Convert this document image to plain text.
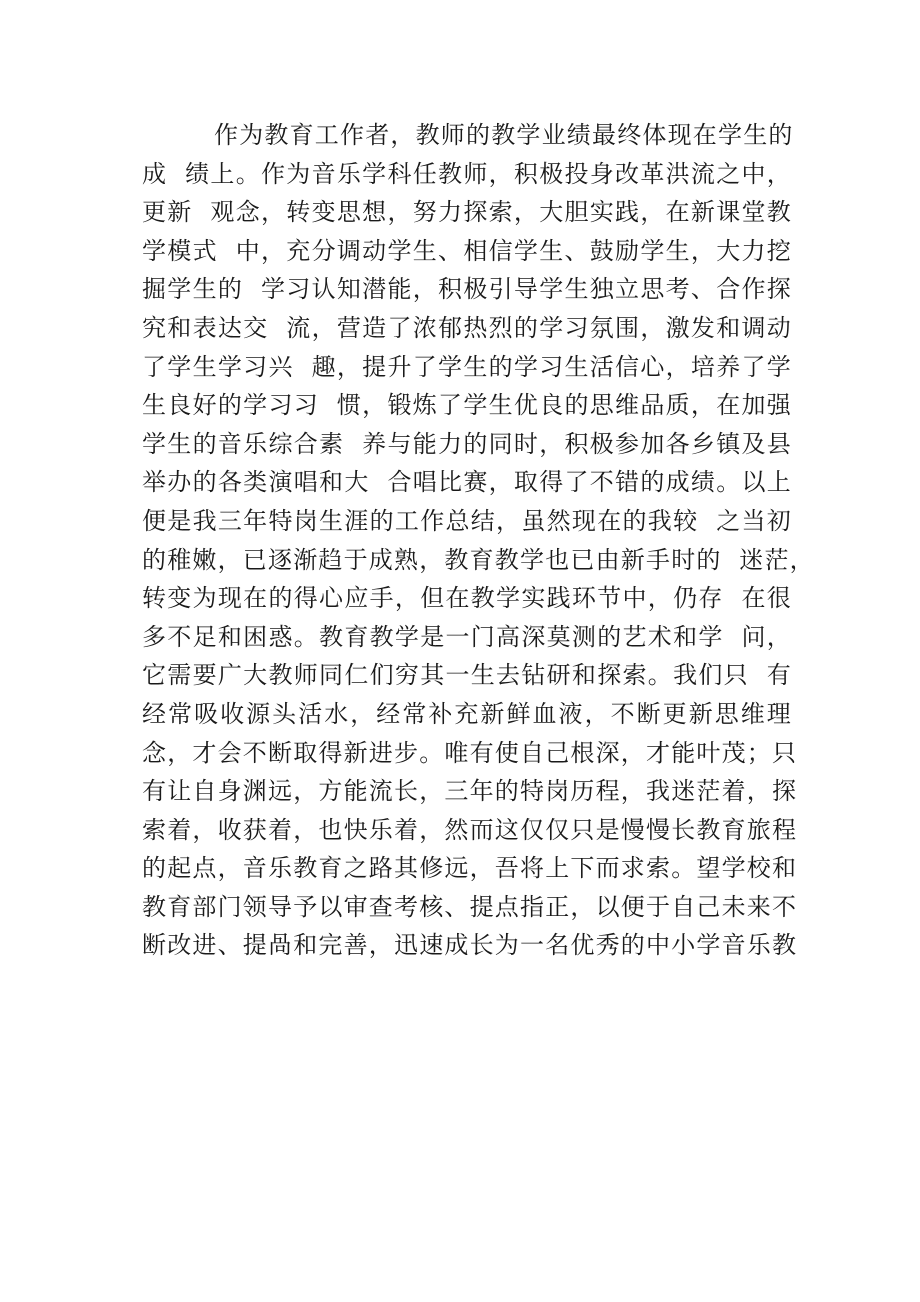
作为教育工作者，教师的教学业绩最终体现在学生的
成  绩上。作为音乐学科任教师，积极投身改革洪流之中，
更新  观念，转变思想，努力探索，大胆实践，在新课堂教
学模式  中，充分调动学生、相信学生、鼓励学生，大力挖
掘学生的  学习认知潜能，积极引导学生独立思考、合作探
究和表达交  流，营造了浓郁热烈的学习氛围，激发和调动
了学生学习兴  趣，提升了学生的学习生活信心，培养了学
生良好的学习习  惯，锻炼了学生优良的思维品质，在加强
学生的音乐综合素  养与能力的同时，积极参加各乡镇及县
举办的各类演唱和大  合唱比赛，取得了不错的成绩。以上
便是我三年特岗生涯的工作总结，虽然现在的我较  之当初
的稚嫩，已逐渐趋于成熟，教育教学也已由新手时的  迷茫，
转变为现在的得心应手，但在教学实践环节中，仍存  在很
多不足和困惑。教育教学是一门高深莫测的艺术和学  问，
它需要广大教师同仁们穷其一生去钻研和探索。我们只  有
经常吸收源头活水，经常补充新鲜血液，不断更新思维理
念，才会不断取得新进步。唯有使自己根深，才能叶茂；只
有让自身渊远，方能流长，三年的特岗历程，我迷茫着，探
索着，收获着，也快乐着，然而这仅仅只是慢慢长教育旅程
的起点，音乐教育之路其修远，吾将上下而求索。望学校和
教育部门领导予以审查考核、提点指正，以便于自己未来不
断改进、提咼和完善，迅速成长为一名优秀的中小学音乐教
